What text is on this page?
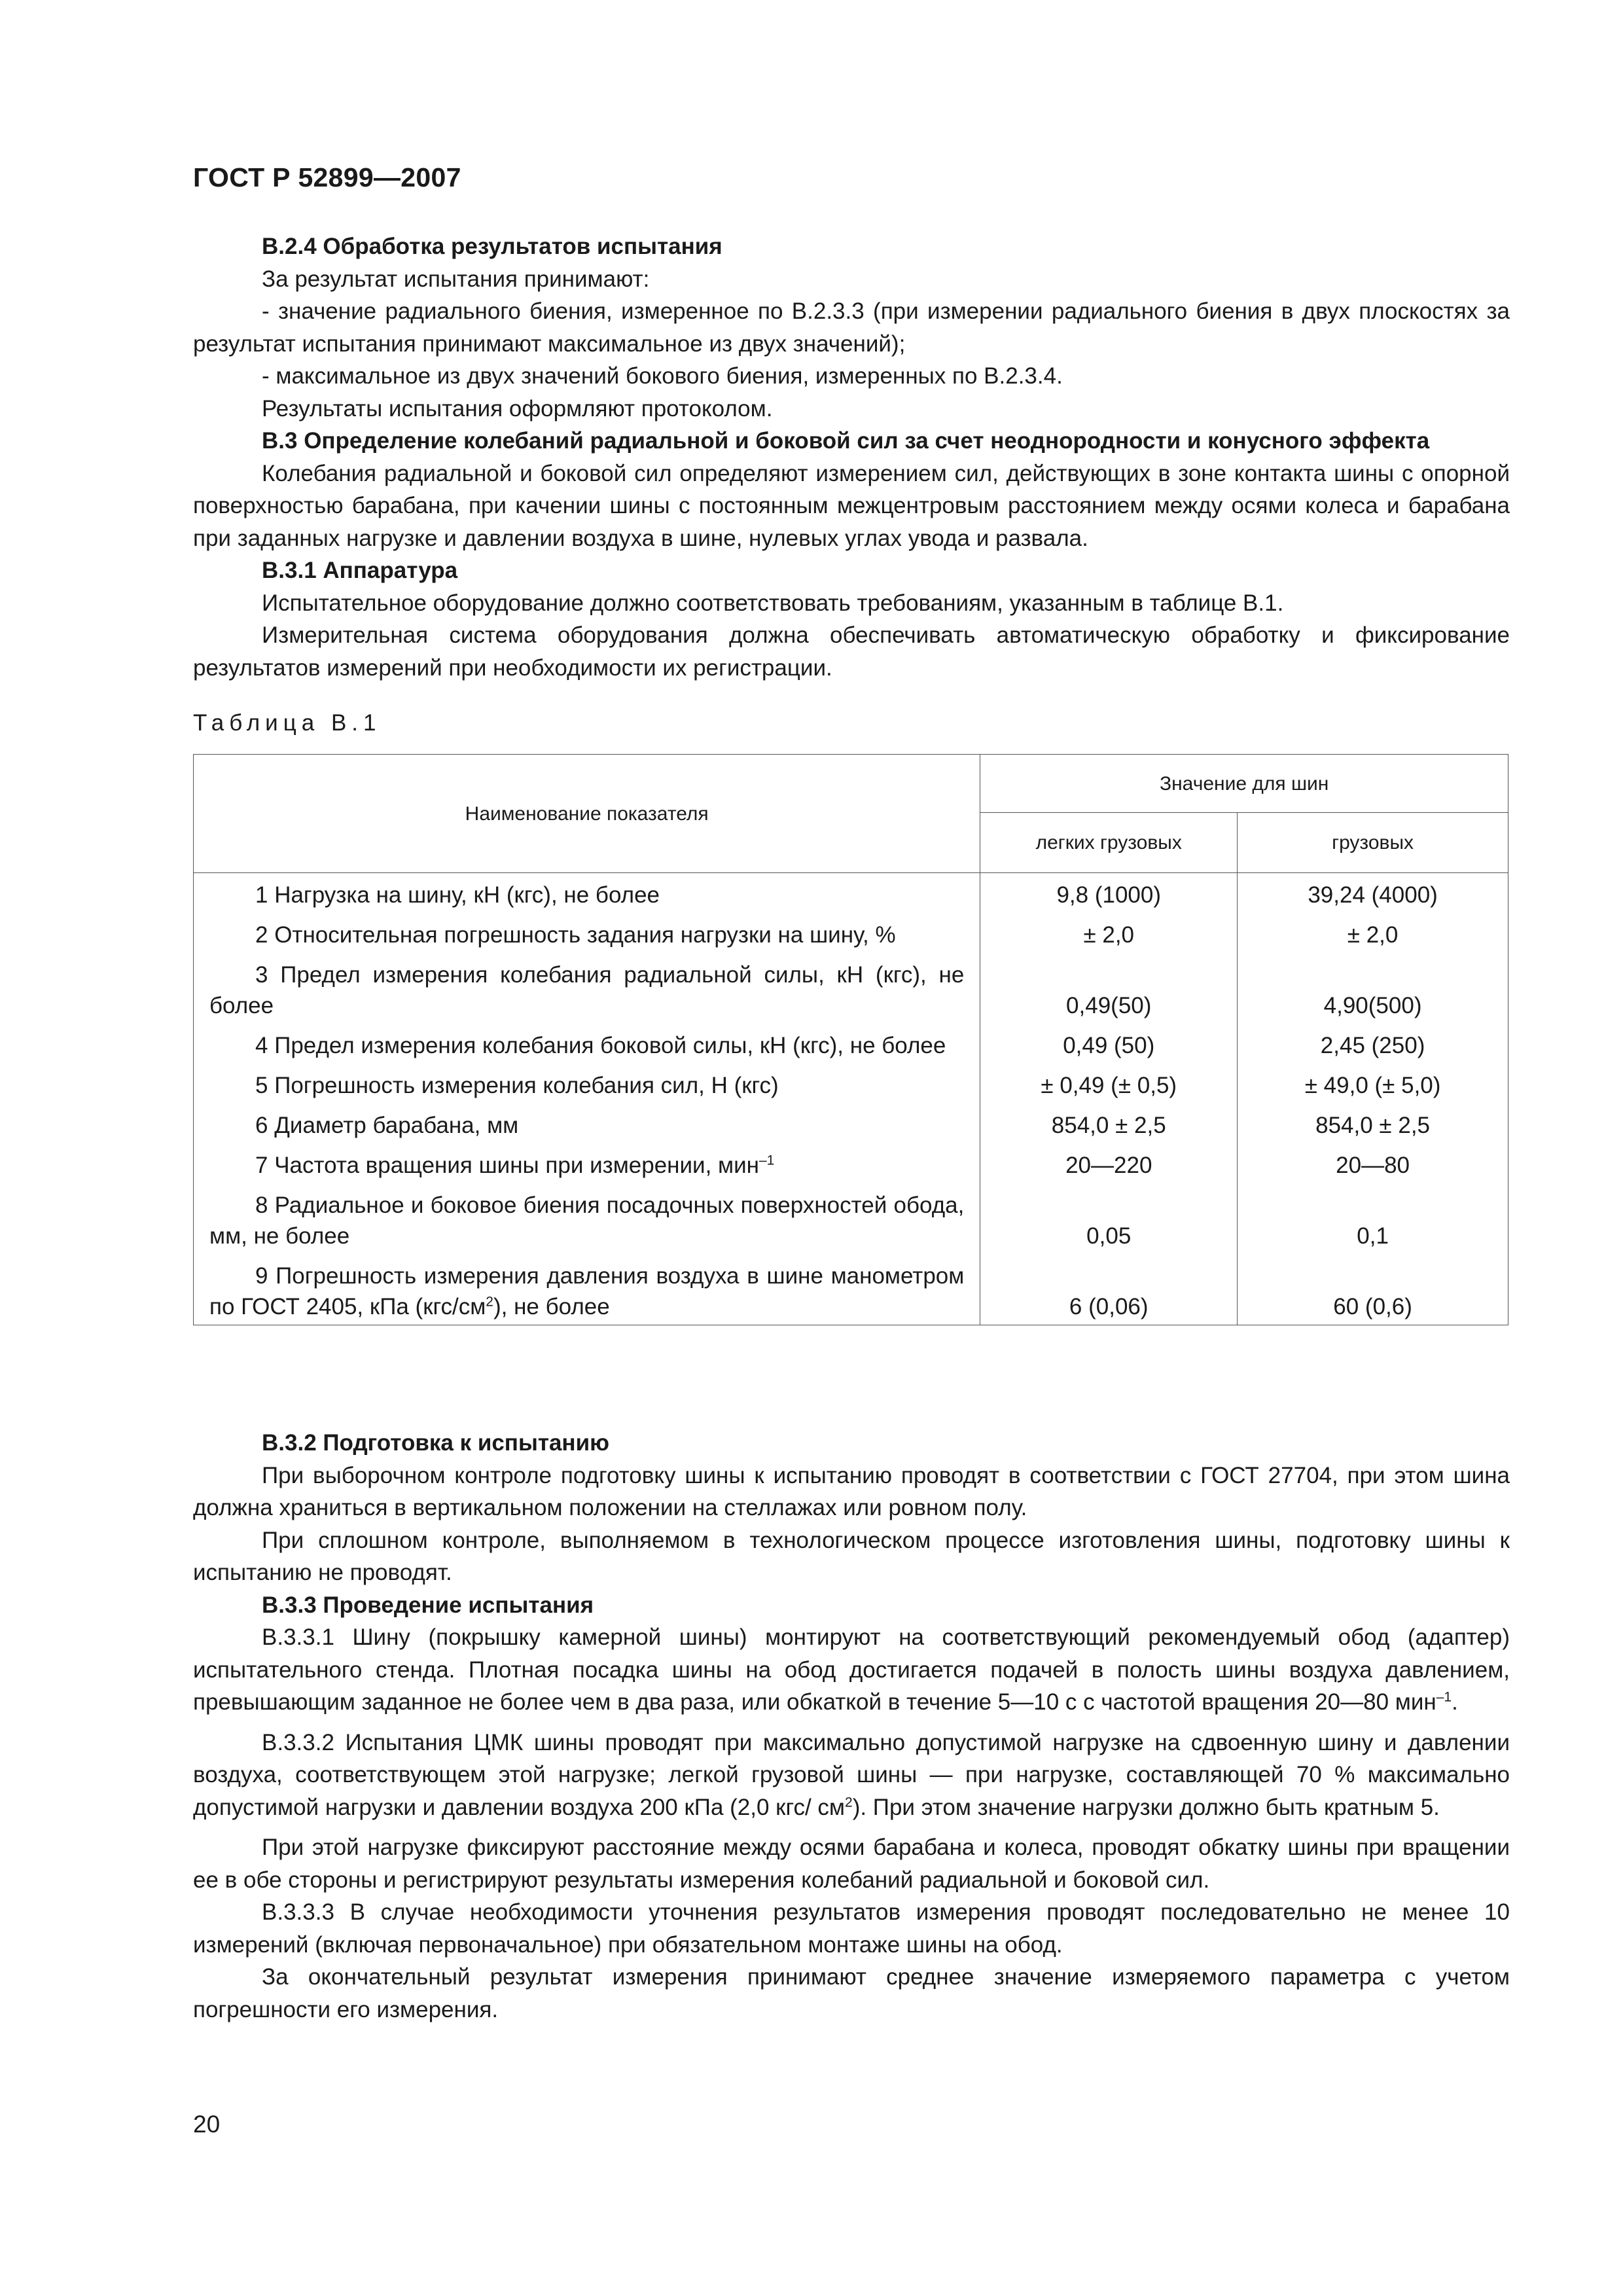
ГОСТ Р 52899—2007

В.2.4 Обработка результатов испытания

За результат испытания принимают:

- значение радиального биения, измеренное по В.2.3.3 (при измерении радиального биения в двух плоскостях за результат испытания принимают максимальное из двух значений);

- максимальное из двух значений бокового биения, измеренных по В.2.3.4.

Результаты испытания оформляют протоколом.

В.3 Определение колебаний радиальной и боковой сил за счет неоднородности и конусного эффекта

Колебания радиальной и боковой сил определяют измерением сил, действующих в зоне контакта шины с опорной поверхностью барабана, при качении шины с постоянным межцентровым расстоянием между осями колеса и барабана при заданных нагрузке и давлении воздуха в шине, нулевых углах увода и развала.

В.3.1 Аппаратура

Испытательное оборудование должно соответствовать требованиям, указанным в таблице В.1.

Измерительная система оборудования должна обеспечивать автоматическую обработку и фиксирование результатов измерений при необходимости их регистрации.

Таблица В.1
Наименование показателя	Значение для шин	
	легких грузовых	грузовых
1 Нагрузка на шину, кН (кгс), не более	9,8 (1000)	39,24 (4000)
2 Относительная погрешность задания нагрузки на шину, %	± 2,0	± 2,0
3 Предел измерения колебания радиальной силы, кН (кгс), не более	0,49(50)	4,90(500)
4 Предел измерения колебания боковой силы, кН (кгс), не более	0,49 (50)	2,45 (250)
5 Погрешность измерения колебания сил, Н (кгс)	± 0,49 (± 0,5)	± 49,0 (± 5,0)
6 Диаметр барабана, мм	854,0 ± 2,5	854,0 ± 2,5
7 Частота вращения шины при измерении, мин$^{-1}$	20—220	20—80
8 Радиальное и боковое биения посадочных поверхностей обода, мм, не более	0,05	0,1
9 Погрешность измерения давления воздуха в шине манометром по ГОСТ 2405, кПа $(кгс/см^2)$, не более	6 (0,06)	60 (0,6)

В.3.2 Подготовка к испытанию

При выборочном контроле подготовку шины к испытанию проводят в соответствии с ГОСТ 27704, при этом шина должна храниться в вертикальном положении на стеллажах или ровном полу.

При сплошном контроле, выполняемом в технологическом процессе изготовления шины, подготовку шины к испытанию не проводят.

В.3.3 Проведение испытания

В.3.3.1 Шину (покрышку камерной шины) монтируют на соответствующий рекомендуемый обод (адаптер) испытательного стенда. Плотная посадка шины на обод достигается подачей в полость шины воздуха давлением, превышающим заданное не более чем в два раза, или обкаткой в течение 5—10 с с частотой вращения 20—80 мин$^{-1}$.

В.3.3.2 Испытания ЦМК шины проводят при максимально допустимой нагрузке на сдвоенную шину и давлении воздуха, соответствующем этой нагрузке; легкой грузовой шины — при нагрузке, составляющей 70 % максимально допустимой нагрузки и давлении воздуха 200 кПа (2,0 кгс/ $см^2$). При этом значение нагрузки должно быть кратным 5.

При этой нагрузке фиксируют расстояние между осями барабана и колеса, проводят обкатку шины при вращении ее в обе стороны и регистрируют результаты измерения колебаний радиальной и боковой сил.

В.3.3.3 В случае необходимости уточнения результатов измерения проводят последовательно не менее 10 измерений (включая первоначальное) при обязательном монтаже шины на обод.

За окончательный результат измерения принимают среднее значение измеряемого параметра с учетом погрешности его измерения.

20
